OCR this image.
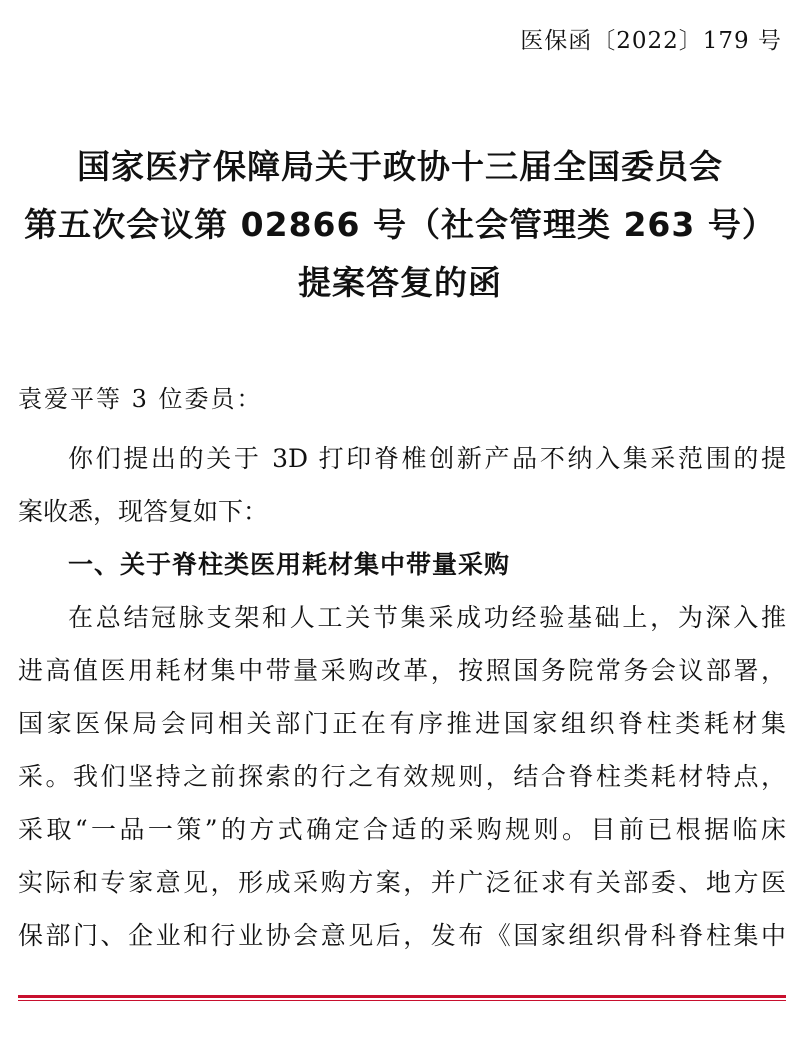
医保函〔2022〕179 号
国家医疗保障局关于政协十三届全国委员会
第五次会议第 02866 号（社会管理类 263 号）
提案答复的函
袁爱平等 3 位委员：
你们提出的关于 3D 打印脊椎创新产品不纳入集采范围的提
案收悉，现答复如下：
一、关于脊柱类医用耗材集中带量采购
在总结冠脉支架和人工关节集采成功经验基础上，为深入推
进高值医用耗材集中带量采购改革，按照国务院常务会议部署，
国家医保局会同相关部门正在有序推进国家组织脊柱类耗材集
采。我们坚持之前探索的行之有效规则，结合脊柱类耗材特点，
采取“一品一策”的方式确定合适的采购规则。目前已根据临床
实际和专家意见，形成采购方案，并广泛征求有关部委、地方医
保部门、企业和行业协会意见后，发布《国家组织骨科脊柱集中
